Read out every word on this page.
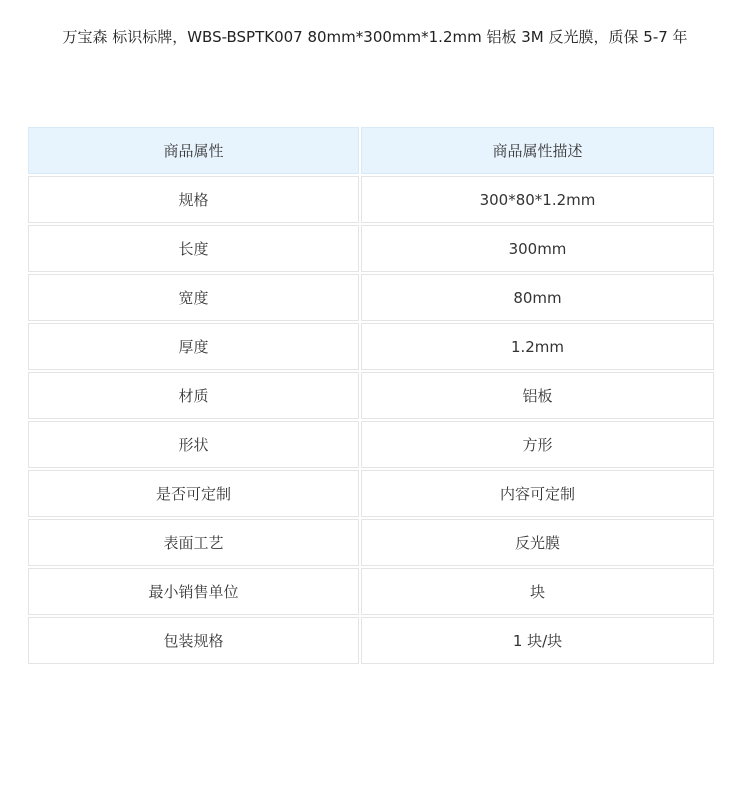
万宝森 标识标牌，WBS-BSPTK007 80mm*300mm*1.2mm 铝板 3M 反光膜，质保 5-7 年
商品属性	商品属性描述
规格	300*80*1.2mm
长度	300mm
宽度	80mm
厚度	1.2mm
材质	铝板
形状	方形
是否可定制	内容可定制
表面工艺	反光膜
最小销售单位	块
包装规格	1 块/块
